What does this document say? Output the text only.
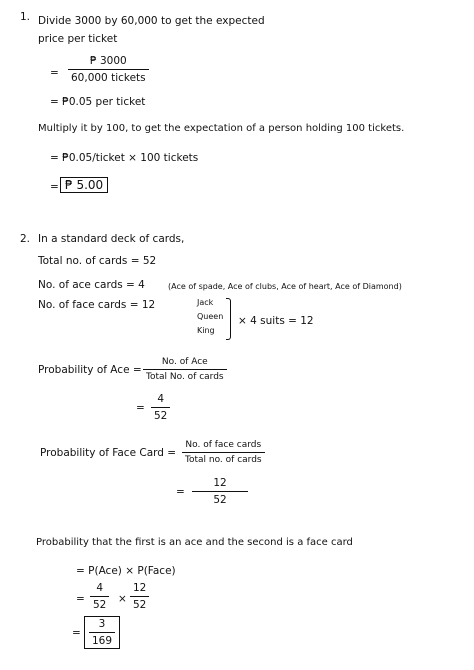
1. Divide 3000 by 60,000 to get the expected
price per ticket
=
₱ 3000
60,000 tickets
= ₱0.05 per ticket
Multiply it by 100, to get the expectation of a person holding 100 tickets.
= ₱0.05/ticket × 100 tickets
= ₱ 5.00
2. In a standard deck of cards,
Total no. of cards = 52
No. of ace cards = 4	(Ace of spade, Ace of clubs, Ace of heart, Ace of Diamond)
No. of face cards = 12	Jack
Queen
King
× 4 suits = 12
Probability of Ace =
No. of Ace
Total No. of cards
= $\frac{4}{52}$
Probability of Face Card =
No. of face cards
Total no. of cards
= $\frac{12}{52}$
Probability that the first is an ace and the second is a face card
= P(Ace) × P(Face)
= $\frac{4}{52} \times \frac{12}{52}$
= $\frac{3}{169}$
